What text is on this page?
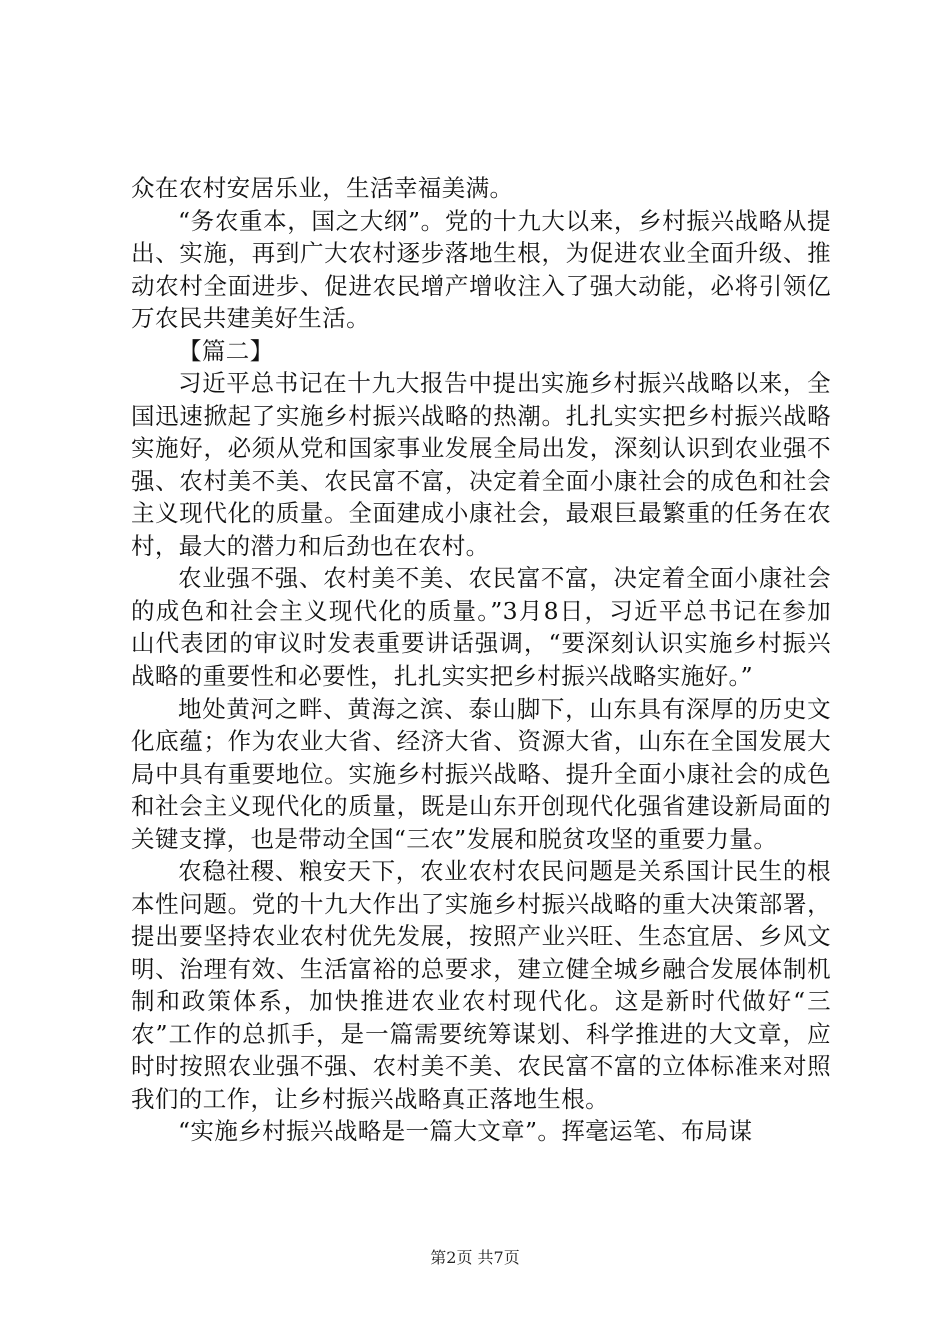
众在农村安居乐业，生活幸福美满。

“务农重本，国之大纲”。党的十九大以来，乡村振兴战略从提出、实施，再到广大农村逐步落地生根，为促进农业全面升级、推动农村全面进步、促进农民增产增收注入了强大动能，必将引领亿万农民共建美好生活。

【篇二】

习近平总书记在十九大报告中提出实施乡村振兴战略以来，全国迅速掀起了实施乡村振兴战略的热潮。扎扎实实把乡村振兴战略实施好，必须从党和国家事业发展全局出发，深刻认识到农业强不强、农村美不美、农民富不富，决定着全面小康社会的成色和社会主义现代化的质量。全面建成小康社会，最艰巨最繁重的任务在农村，最大的潜力和后劲也在农村。

农业强不强、农村美不美、农民富不富，决定着全面小康社会的成色和社会主义现代化的质量。”3月8日，习近平总书记在参加山代表团的审议时发表重要讲话强调，“要深刻认识实施乡村振兴战略的重要性和必要性，扎扎实实把乡村振兴战略实施好。”

地处黄河之畔、黄海之滨、泰山脚下，山东具有深厚的历史文化底蕴；作为农业大省、经济大省、资源大省，山东在全国发展大局中具有重要地位。实施乡村振兴战略、提升全面小康社会的成色和社会主义现代化的质量，既是山东开创现代化强省建设新局面的关键支撑，也是带动全国“三农”发展和脱贫攻坚的重要力量。

农稳社稷、粮安天下，农业农村农民问题是关系国计民生的根本性问题。党的十九大作出了实施乡村振兴战略的重大决策部署，提出要坚持农业农村优先发展，按照产业兴旺、生态宜居、乡风文明、治理有效、生活富裕的总要求，建立健全城乡融合发展体制机制和政策体系，加快推进农业农村现代化。这是新时代做好“三农”工作的总抓手，是一篇需要统筹谋划、科学推进的大文章，应时时按照农业强不强、农村美不美、农民富不富的立体标准来对照我们的工作，让乡村振兴战略真正落地生根。

“实施乡村振兴战略是一篇大文章”。挥毫运笔、布局谋

第2页 共7页
